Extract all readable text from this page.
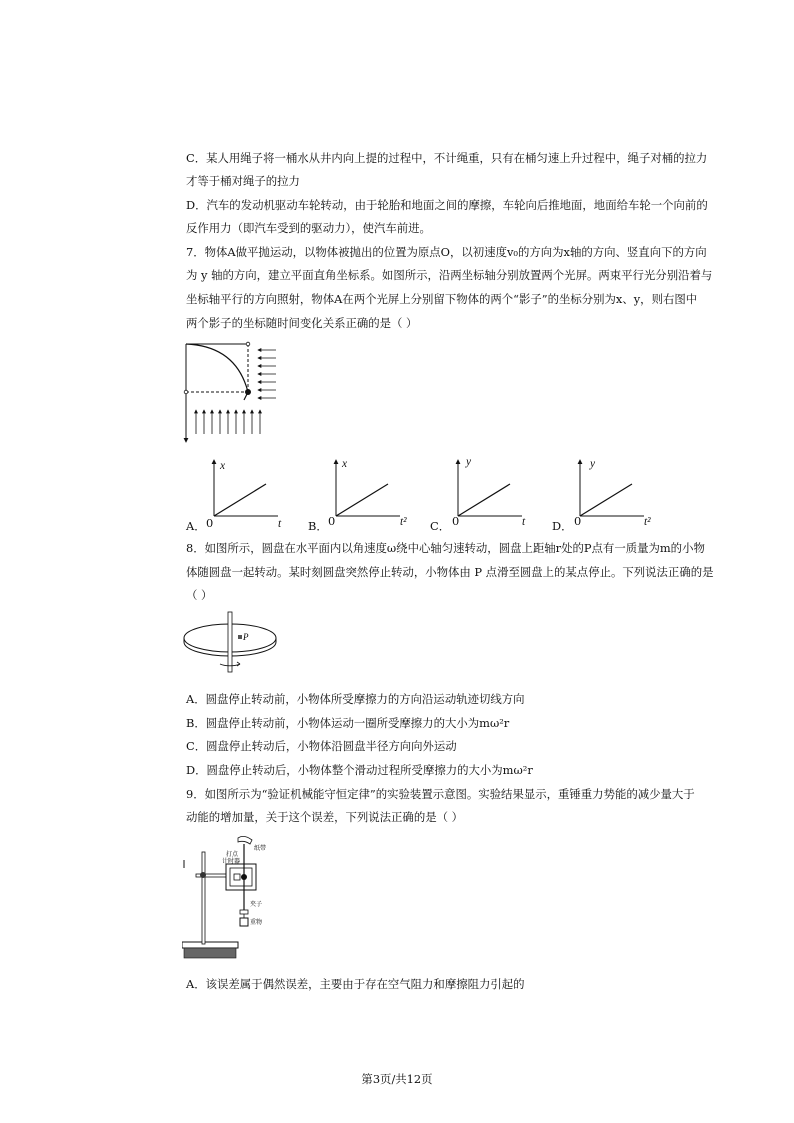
C．某人用绳子将一桶水从井内向上提的过程中，不计绳重，只有在桶匀速上升过程中，绳子对桶的拉力
才等于桶对绳子的拉力
D．汽车的发动机驱动车轮转动，由于轮胎和地面之间的摩擦，车轮向后推地面，地面给车轮一个向前的
反作用力（即汽车受到的驱动力），使汽车前进。
7．物体A做平抛运动，以物体被抛出的位置为原点O，以初速度v₀的方向为x轴的方向、竖直向下的方向
为 y 轴的方向，建立平面直角坐标系。如图所示，沿两坐标轴分别放置两个光屏。两束平行光分别沿着与
坐标轴平行的方向照射，物体A在两个光屏上分别留下物体的两个“影子”的坐标分别为x、y，则右图中
两个影子的坐标随时间变化关系正确的是（ ）
A．
x
0	t B．
x
0	t² C．
y
0	t D．
y
0	t²
8．如图所示，圆盘在水平面内以角速度ω绕中心轴匀速转动，圆盘上距轴r处的P点有一质量为m的小物
体随圆盘一起转动。某时刻圆盘突然停止转动，小物体由 P 点滑至圆盘上的某点停止。下列说法正确的是
（ ）
P
A．圆盘停止转动前，小物体所受摩擦力的方向沿运动轨迹切线方向
B．圆盘停止转动前，小物体运动一圈所受摩擦力的大小为mω²r
C．圆盘停止转动后，小物体沿圆盘半径方向向外运动
D．圆盘停止转动后，小物体整个滑动过程所受摩擦力的大小为mω²r
9．如图所示为“验证机械能守恒定律”的实验装置示意图。实验结果显示，重锤重力势能的减少量大于
动能的增加量，关于这个误差，下列说法正确的是（ ）
打点
计时器
纸带
夹子
重物
A．该误差属于偶然误差，主要由于存在空气阻力和摩擦阻力引起的
第3页/共12页
